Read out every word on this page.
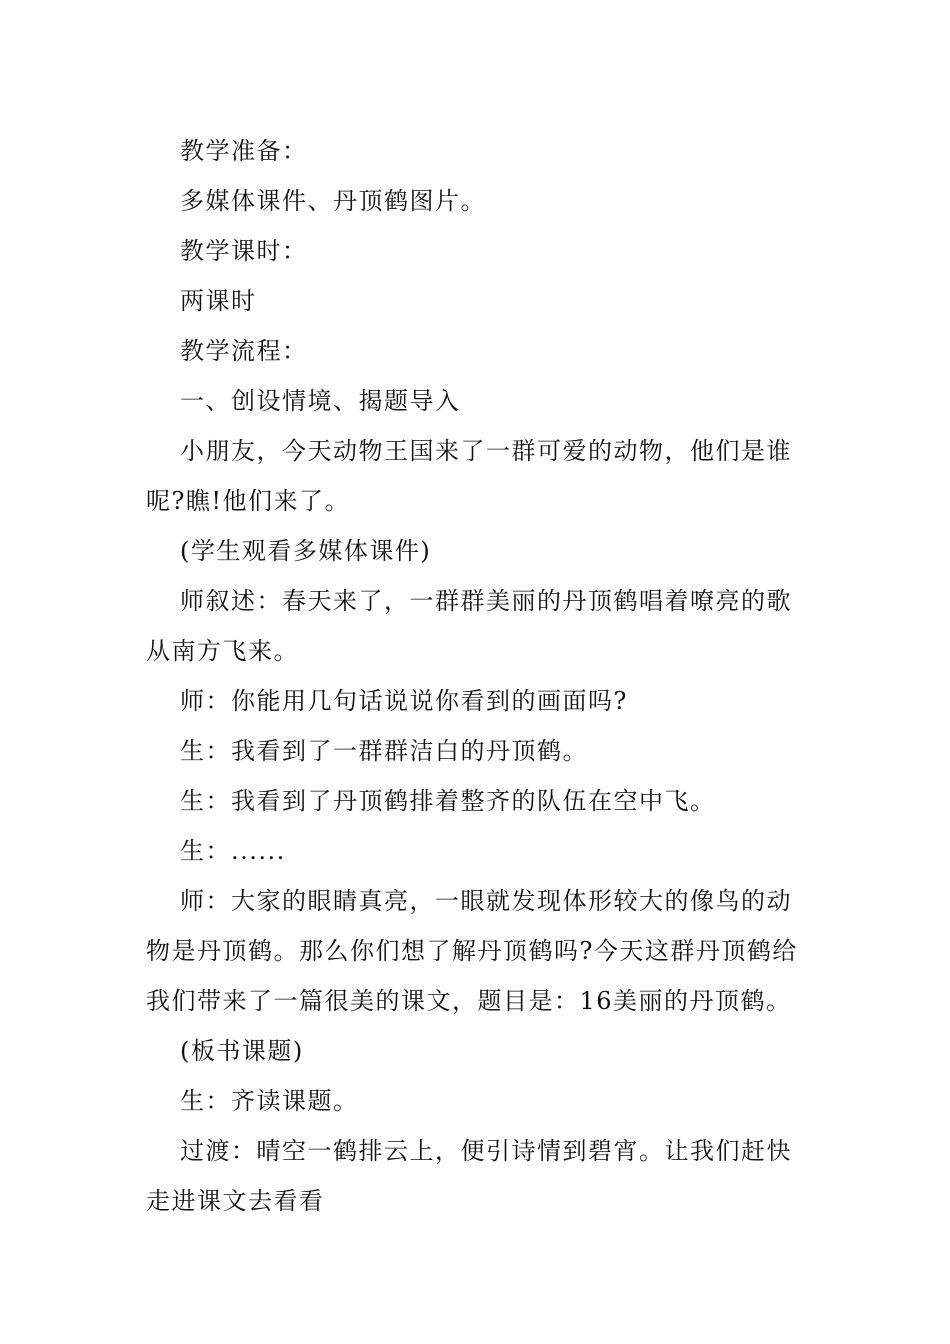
教学准备：

多媒体课件、丹顶鹤图片。

教学课时：

两课时

教学流程：

一、创设情境、揭题导入

小朋友，今天动物王国来了一群可爱的动物，他们是谁呢?瞧!他们来了。

(学生观看多媒体课件)

师叙述：春天来了，一群群美丽的丹顶鹤唱着嘹亮的歌从南方飞来。

师：你能用几句话说说你看到的画面吗?

生：我看到了一群群洁白的丹顶鹤。

生：我看到了丹顶鹤排着整齐的队伍在空中飞。

生：......

师：大家的眼睛真亮，一眼就发现体形较大的像鸟的动物是丹顶鹤。那么你们想了解丹顶鹤吗?今天这群丹顶鹤给我们带来了一篇很美的课文，题目是：16美丽的丹顶鹤。

(板书课题)

生：齐读课题。

过渡：晴空一鹤排云上，便引诗情到碧宵。让我们赶快走进课文去看看
